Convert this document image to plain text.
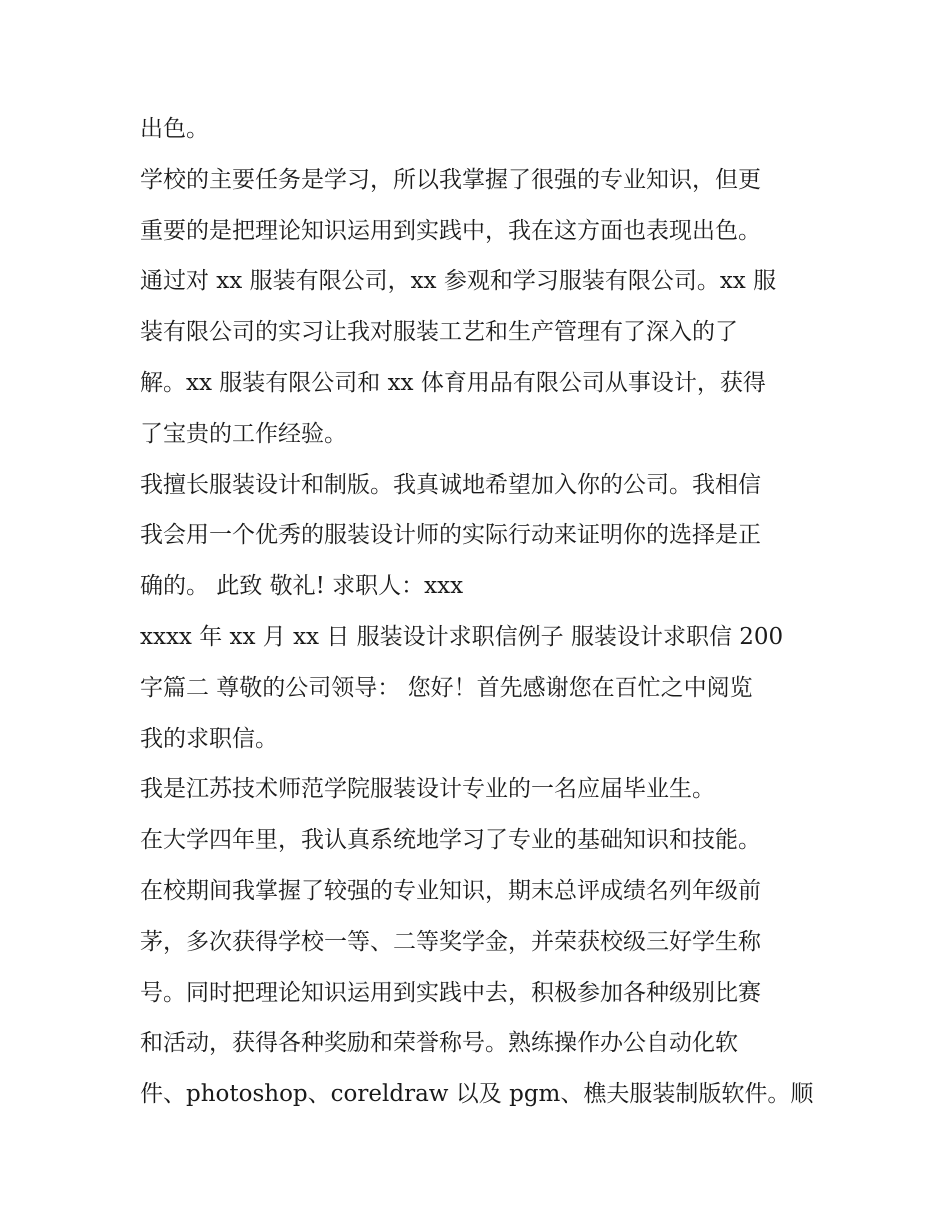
出色。
学校的主要任务是学习，所以我掌握了很强的专业知识，但更
重要的是把理论知识运用到实践中，我在这方面也表现出色。
通过对 xx 服装有限公司，xx 参观和学习服装有限公司。xx 服
装有限公司的实习让我对服装工艺和生产管理有了深入的了
解。xx 服装有限公司和 xx 体育用品有限公司从事设计，获得
了宝贵的工作经验。
我擅长服装设计和制版。我真诚地希望加入你的公司。我相信
我会用一个优秀的服装设计师的实际行动来证明你的选择是正
确的。 此致 敬礼! 求职人：xxx
xxxx 年 xx 月 xx 日 服装设计求职信例子 服装设计求职信 200
字篇二 尊敬的公司领导： 您好！首先感谢您在百忙之中阅览
我的求职信。
我是江苏技术师范学院服装设计专业的一名应届毕业生。
在大学四年里，我认真系统地学习了专业的基础知识和技能。
在校期间我掌握了较强的专业知识，期末总评成绩名列年级前
茅，多次获得学校一等、二等奖学金，并荣获校级三好学生称
号。同时把理论知识运用到实践中去，积极参加各种级别比赛
和活动，获得各种奖励和荣誉称号。熟练操作办公自动化软
件、photoshop、coreldraw 以及 pgm、樵夫服装制版软件。顺
